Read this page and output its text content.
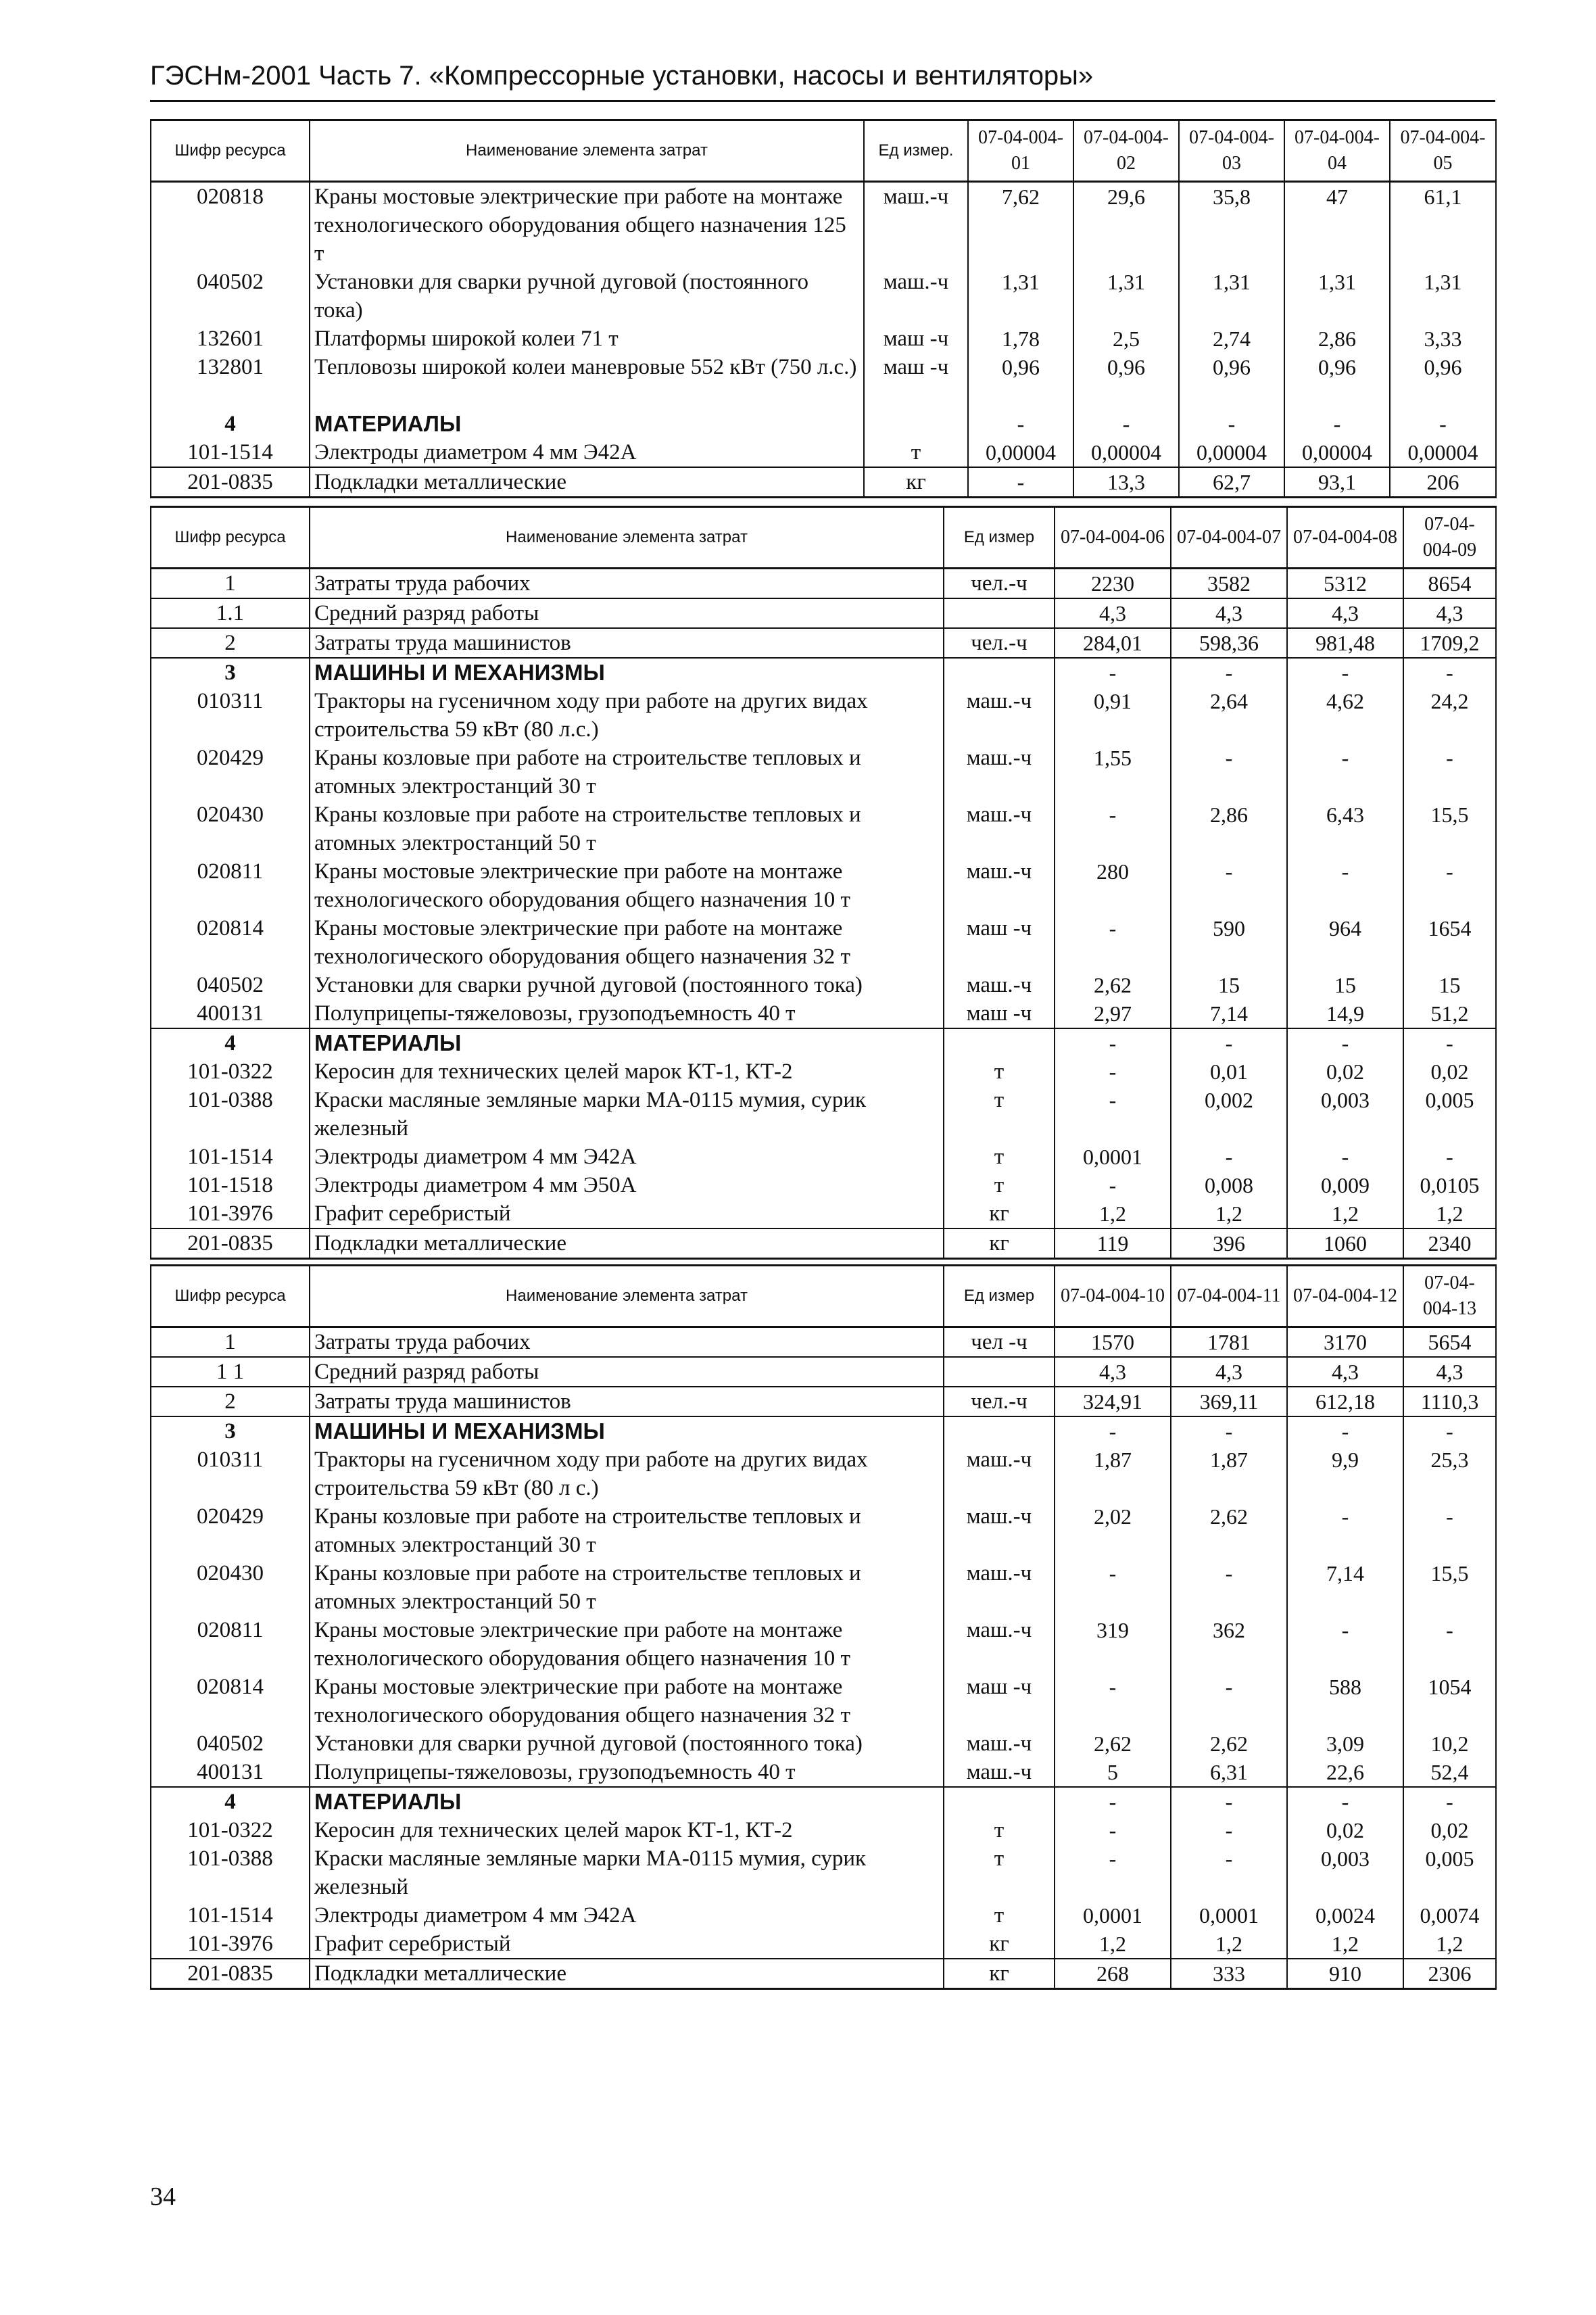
ГЭСНм-2001 Часть 7. «Компрессорные установки, насосы и вентиляторы»
Шифр ресурса	Наименование элемента затрат	Ед измер.	07-04-004-01	07-04-004-02	07-04-004-03	07-04-004-04	07-04-004-05
020818	Краны мостовые электрические при работе на монтаже технологического оборудования общего назначения 125 т	маш.-ч	7,62	29,6	35,8	47	61,1
040502	Установки для сварки ручной дуговой (постоянного тока)	маш.-ч	1,31	1,31	1,31	1,31	1,31
132601	Платформы широкой колеи 71 т	маш -ч	1,78	2,5	2,74	2,86	3,33
132801	Тепловозы широкой колеи маневровые 552 кВт (750 л.с.)	маш -ч	0,96	0,96	0,96	0,96	0,96
4	МАТЕРИАЛЫ		-	-	-	-	-
101-1514	Электроды диаметром 4 мм Э42А	т	0,00004	0,00004	0,00004	0,00004	0,00004
201-0835	Подкладки металлические	кг	-	13,3	62,7	93,1	206
Шифр ресурса	Наименование элемента затрат	Ед измер	07-04-004-06	07-04-004-07	07-04-004-08	07-04-004-09
1	Затраты труда рабочих	чел.-ч	2230	3582	5312	8654
1.1	Средний разряд работы		4,3	4,3	4,3	4,3
2	Затраты труда машинистов	чел.-ч	284,01	598,36	981,48	1709,2
3	МАШИНЫ И МЕХАНИЗМЫ		-	-	-	-
010311	Тракторы на гусеничном ходу при работе на других видах строительства 59 кВт (80 л.с.)	маш.-ч	0,91	2,64	4,62	24,2
020429	Краны козловые при работе на строительстве тепловых и атомных электростанций 30 т	маш.-ч	1,55	-	-	-
020430	Краны козловые при работе на строительстве тепловых и атомных электростанций 50 т	маш.-ч	-	2,86	6,43	15,5
020811	Краны мостовые электрические при работе на монтаже технологического оборудования общего назначения 10 т	маш.-ч	280	-	-	-
020814	Краны мостовые электрические при работе на монтаже технологического оборудования общего назначения 32 т	маш -ч	-	590	964	1654
040502	Установки для сварки ручной дуговой (постоянного тока)	маш.-ч	2,62	15	15	15
400131	Полуприцепы-тяжеловозы, грузоподъемность 40 т	маш -ч	2,97	7,14	14,9	51,2
4	МАТЕРИАЛЫ		-	-	-	-
101-0322	Керосин для технических целей марок КТ-1, КТ-2	т	-	0,01	0,02	0,02
101-0388	Краски масляные земляные марки МА-0115 мумия, сурик железный	т	-	0,002	0,003	0,005
101-1514	Электроды диаметром 4 мм Э42А	т	0,0001	-	-	-
101-1518	Электроды диаметром 4 мм Э50А	т	-	0,008	0,009	0,0105
101-3976	Графит серебристый	кг	1,2	1,2	1,2	1,2
201-0835	Подкладки металлические	кг	119	396	1060	2340
Шифр ресурса	Наименование элемента затрат	Ед измер	07-04-004-10	07-04-004-11	07-04-004-12	07-04-004-13
1	Затраты труда рабочих	чел -ч	1570	1781	3170	5654
1 1	Средний разряд работы		4,3	4,3	4,3	4,3
2	Затраты труда машинистов	чел.-ч	324,91	369,11	612,18	1110,3
3	МАШИНЫ И МЕХАНИЗМЫ		-	-	-	-
010311	Тракторы на гусеничном ходу при работе на других видах строительства 59 кВт (80 л с.)	маш.-ч	1,87	1,87	9,9	25,3
020429	Краны козловые при работе на строительстве тепловых и атомных электростанций 30 т	маш.-ч	2,02	2,62	-	-
020430	Краны козловые при работе на строительстве тепловых и атомных электростанций 50 т	маш.-ч	-	-	7,14	15,5
020811	Краны мостовые электрические при работе на монтаже технологического оборудования общего назначения 10 т	маш.-ч	319	362	-	-
020814	Краны мостовые электрические при работе на монтаже технологического оборудования общего назначения 32 т	маш -ч	-	-	588	1054
040502	Установки для сварки ручной дуговой (постоянного тока)	маш.-ч	2,62	2,62	3,09	10,2
400131	Полуприцепы-тяжеловозы, грузоподъемность 40 т	маш.-ч	5	6,31	22,6	52,4
4	МАТЕРИАЛЫ		-	-	-	-
101-0322	Керосин для технических целей марок КТ-1, КТ-2	т	-	-	0,02	0,02
101-0388	Краски масляные земляные марки МА-0115 мумия, сурик железный	т	-	-	0,003	0,005
101-1514	Электроды диаметром 4 мм Э42А	т	0,0001	0,0001	0,0024	0,0074
101-3976	Графит серебристый	кг	1,2	1,2	1,2	1,2
201-0835	Подкладки металлические	кг	268	333	910	2306
34
